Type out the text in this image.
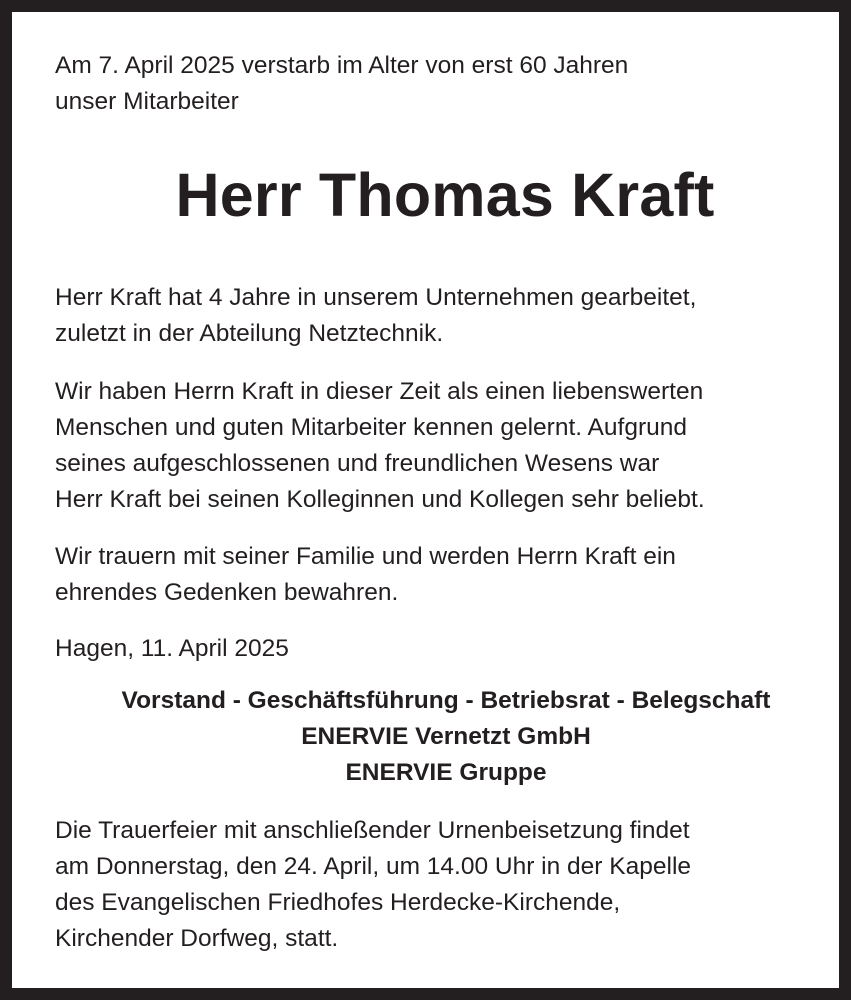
Am 7. April 2025 verstarb im Alter von erst 60 Jahren
unser Mitarbeiter

Herr Thomas Kraft

Herr Kraft hat 4 Jahre in unserem Unternehmen gearbeitet,
zuletzt in der Abteilung Netztechnik.

Wir haben Herrn Kraft in dieser Zeit als einen liebenswerten
Menschen und guten Mitarbeiter kennen gelernt. Aufgrund
seines aufgeschlossenen und freundlichen Wesens war
Herr Kraft bei seinen Kolleginnen und Kollegen sehr beliebt.

Wir trauern mit seiner Familie und werden Herrn Kraft ein
ehrendes Gedenken bewahren.

Hagen, 11. April 2025

Vorstand - Geschäftsführung - Betriebsrat - Belegschaft
ENERVIE Vernetzt GmbH
ENERVIE Gruppe

Die Trauerfeier mit anschließender Urnenbeisetzung findet
am Donnerstag, den 24. April, um 14.00 Uhr in der Kapelle
des Evangelischen Friedhofes Herdecke-Kirchende,
Kirchender Dorfweg, statt.
